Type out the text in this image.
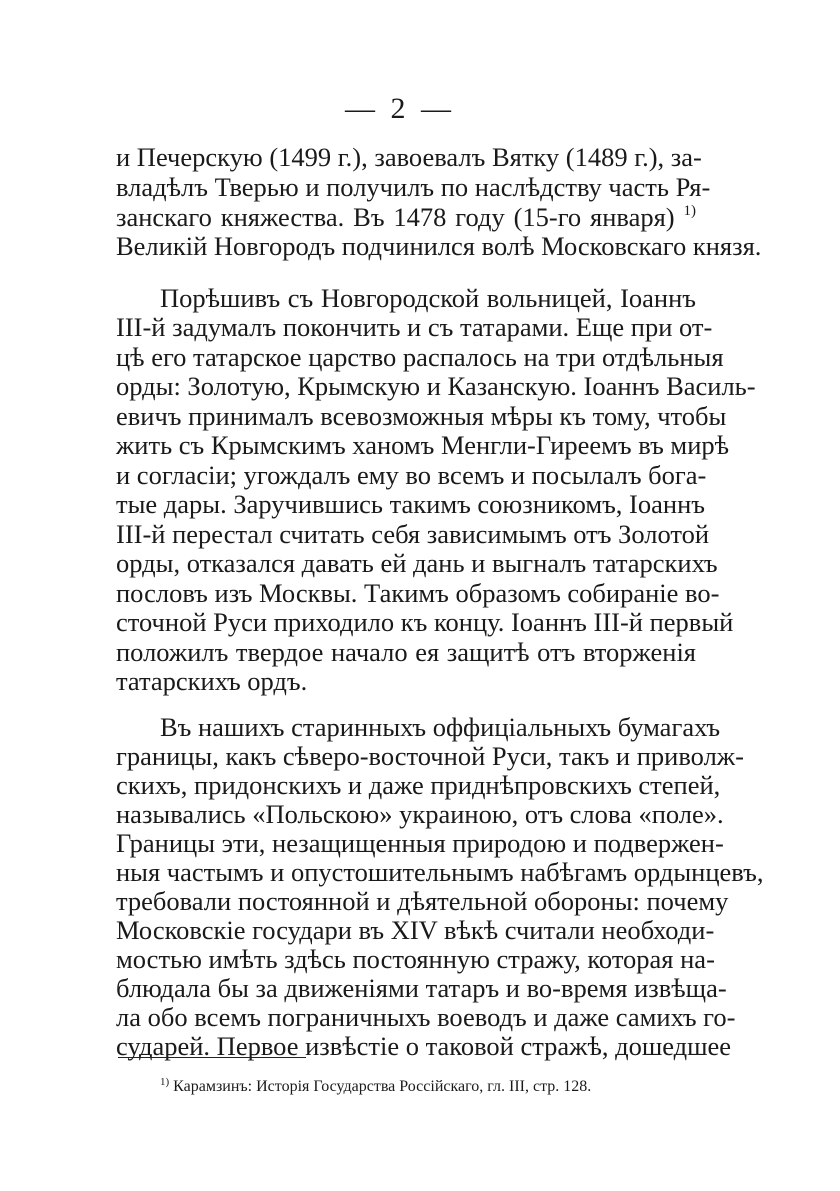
— 2 —
и Печерскую (1499 г.), завоевалъ Вятку (1489 г.), за-
владѣлъ Тверью и получилъ по наслѣдству часть Ря-
занскаго княжества. Въ 1478 году (15-го января) $^{1)}$
Великій Новгородъ подчинился волѣ Московскаго князя.
Порѣшивъ съ Новгородской вольницей, Іоаннъ
III-й задумалъ покончить и съ татарами. Еще при от-
цѣ его татарское царство распалось на три отдѣльныя
орды: Золотую, Крымскую и Казанскую. Іоаннъ Василь-
евичъ принималъ всевозможныя мѣры къ тому, чтобы
жить съ Крымскимъ ханомъ Менгли-Гиреемъ въ мирѣ
и согласіи; угождалъ ему во всемъ и посылалъ бога-
тые дары. Заручившись такимъ союзникомъ, Іоаннъ
III-й перестал считать себя зависимымъ отъ Золотой
орды, отказался давать ей дань и выгналъ татарскихъ
пословъ изъ Москвы. Такимъ образомъ собираніе во-
сточной Руси приходило къ концу. Іоаннъ III-й первый
положилъ твердое начало ея защитѣ отъ вторженія
татарскихъ ордъ.
Въ нашихъ старинныхъ оффиціальныхъ бумагахъ
границы, какъ сѣверо-восточной Руси, такъ и приволж-
скихъ, придонскихъ и даже приднѣпровскихъ степей,
назывались «Польскою» украиною, отъ слова «поле».
Границы эти, незащищенныя природою и подвержен-
ныя частымъ и опустошительнымъ набѣгамъ ордынцевъ,
требовали постоянной и дѣятельной обороны: почему
Московскіе государи въ XIV вѣкѣ считали необходи-
мостью имѣть здѣсь постоянную стражу, которая на-
блюдала бы за движеніями татаръ и во-время извѣща-
ла обо всемъ пограничныхъ воеводъ и даже самихъ го-
сударей. Первое извѣстіе о таковой стражѣ, дошедшее
$^{1)}$ Карамзинъ: Исторія Государства Россійскаго, гл. III, стр. 128.
